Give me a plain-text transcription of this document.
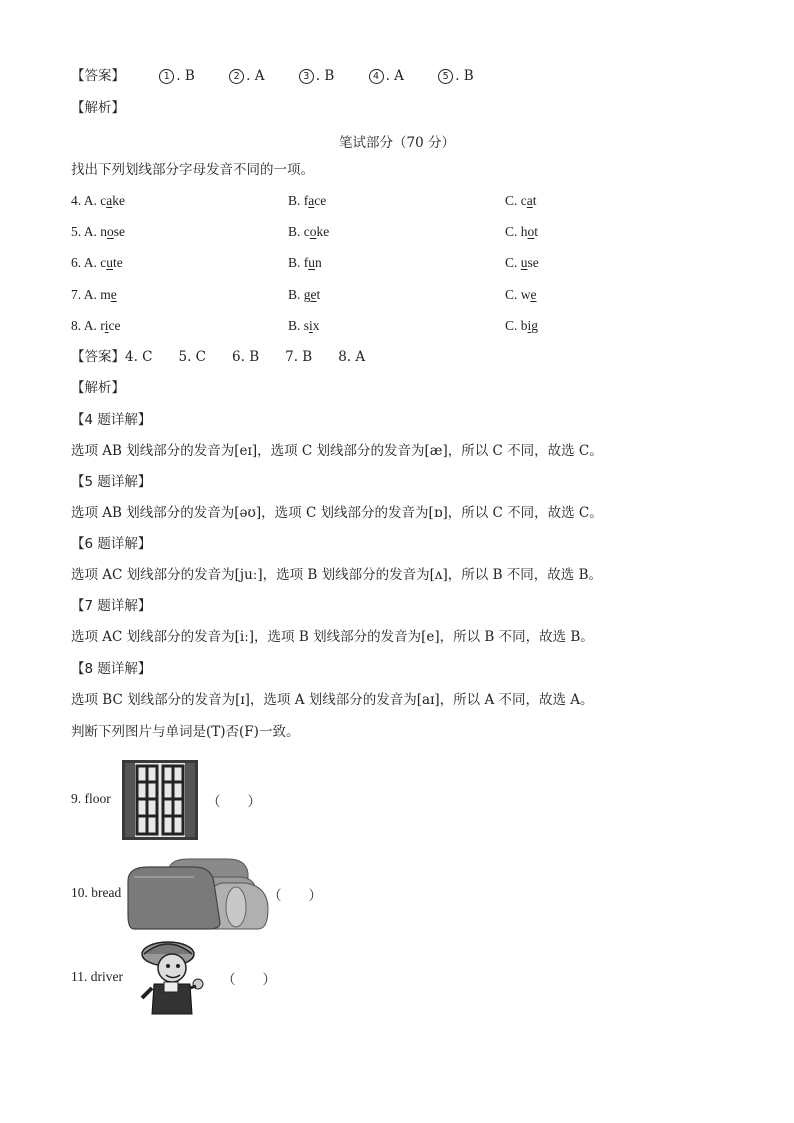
【答案】	1 . B	2 . A	3 . B	4 . A	5 . B
【解析】
笔试部分（70 分）
找出下列划线部分字母发音不同的一项。
4. A. cake	B. face	C. cat
5. A. nose	B. coke	C. hot
6. A. cute	B. fun	C. use
7. A. me	B. get	C. we
8. A. rice	B. six	C. big
【答案】4. C 5. C 6. B 7. B 8. A
【解析】
【4 题详解】
选项 AB 划线部分的发音为[eɪ]，选项 C 划线部分的发音为[æ]，所以 C 不同，故选 C。
【5 题详解】
选项 AB 划线部分的发音为[əʊ]，选项 C 划线部分的发音为[ɒ]，所以 C 不同，故选 C。
【6 题详解】
选项 AC 划线部分的发音为[juː]，选项 B 划线部分的发音为[ʌ]，所以 B 不同，故选 B。
【7 题详解】
选项 AC 划线部分的发音为[iː]，选项 B 划线部分的发音为[e]，所以 B 不同，故选 B。
【8 题详解】
选项 BC 划线部分的发音为[ɪ]，选项 A 划线部分的发音为[aɪ]，所以 A 不同，故选 A。
判断下列图片与单词是(T)否(F)一致。
9. floor	（　　）
10. bread	（　　）
11. driver	（　　）
